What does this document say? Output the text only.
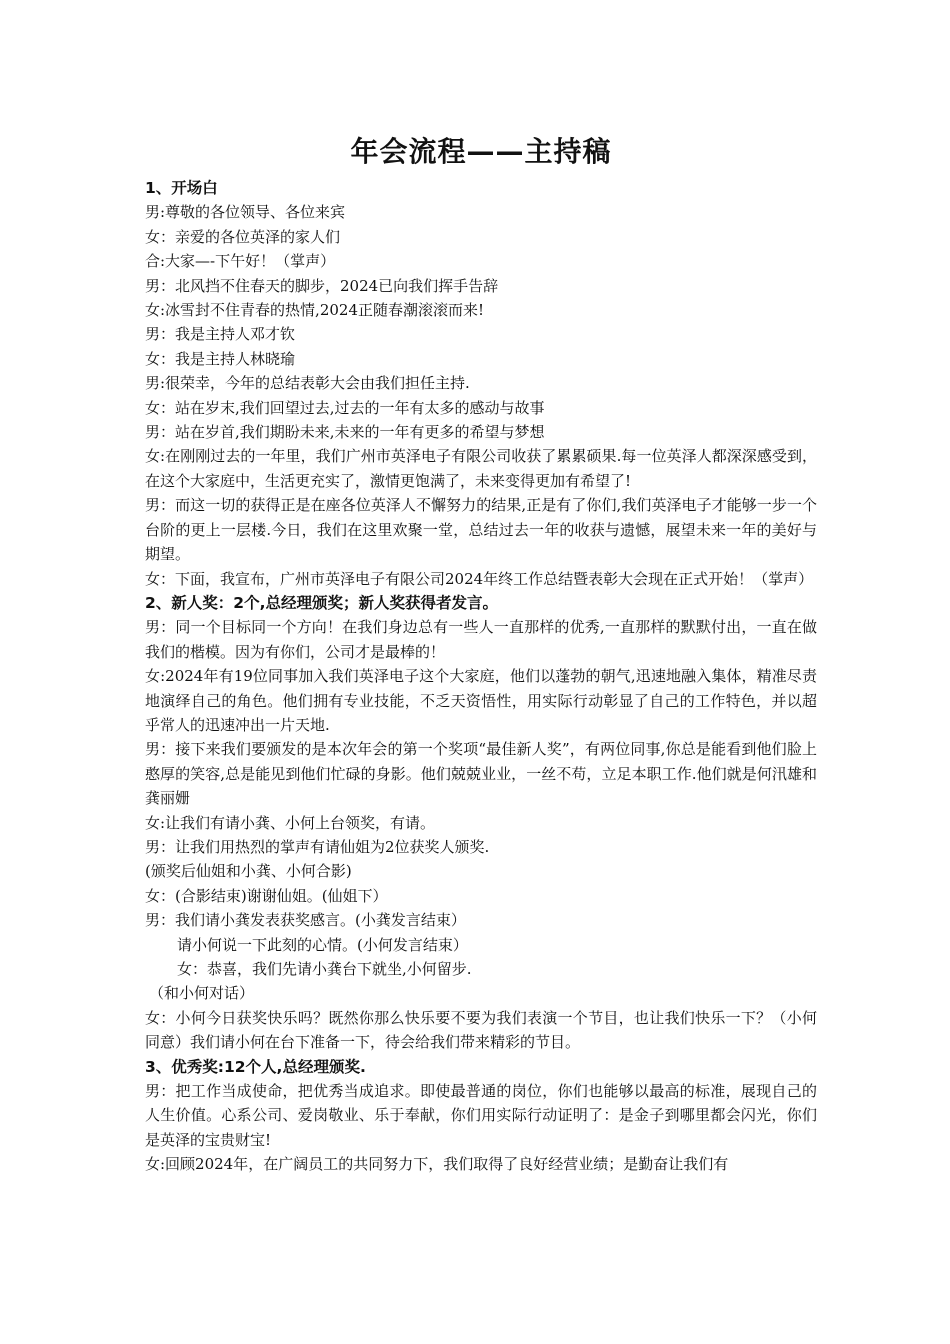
年会流程——主持稿
1、开场白

男:尊敬的各位领导、各位来宾

女：亲爱的各位英泽的家人们

合:大家—-下午好！（掌声）

男：北风挡不住春天的脚步，2024已向我们挥手告辞

女:冰雪封不住青春的热情,2024正随春潮滚滚而来!

男：我是主持人邓才钦

女：我是主持人林晓瑜

男:很荣幸，今年的总结表彰大会由我们担任主持.

女：站在岁末,我们回望过去,过去的一年有太多的感动与故事

男：站在岁首,我们期盼未来,未来的一年有更多的希望与梦想

女:在刚刚过去的一年里，我们广州市英泽电子有限公司收获了累累硕果.每一位英泽人都深深感受到，在这个大家庭中，生活更充实了，激情更饱满了，未来变得更加有希望了!

男：而这一切的获得正是在座各位英泽人不懈努力的结果,正是有了你们,我们英泽电子才能够一步一个台阶的更上一层楼.今日，我们在这里欢聚一堂，总结过去一年的收获与遗憾，展望未来一年的美好与期望。

女：下面，我宣布，广州市英泽电子有限公司2024年终工作总结暨表彰大会现在正式开始！（掌声）

2、新人奖：2个,总经理颁奖；新人奖获得者发言。

男：同一个目标同一个方向！在我们身边总有一些人一直那样的优秀,一直那样的默默付出，一直在做我们的楷模。因为有你们，公司才是最棒的！

女:2024年有19位同事加入我们英泽电子这个大家庭，他们以蓬勃的朝气,迅速地融入集体，精准尽责地演绎自己的角色。他们拥有专业技能，不乏天资悟性，用实际行动彰显了自己的工作特色，并以超乎常人的迅速冲出一片天地.

男：接下来我们要颁发的是本次年会的第一个奖项“最佳新人奖”，有两位同事,你总是能看到他们脸上憨厚的笑容,总是能见到他们忙碌的身影。他们兢兢业业，一丝不苟，立足本职工作.他们就是何汛雄和龚丽姗

女:让我们有请小龚、小何上台领奖，有请。

男：让我们用热烈的掌声有请仙姐为2位获奖人颁奖.

(颁奖后仙姐和小龚、小何合影)

女：(合影结束)谢谢仙姐。(仙姐下）

男：我们请小龚发表获奖感言。(小龚发言结束）

请小何说一下此刻的心情。(小何发言结束）

女：恭喜，我们先请小龚台下就坐,小何留步.

（和小何对话）

女：小何今日获奖快乐吗？既然你那么快乐要不要为我们表演一个节目，也让我们快乐一下？（小何同意）我们请小何在台下准备一下，待会给我们带来精彩的节目。

3、优秀奖:12个人,总经理颁奖.

男：把工作当成使命，把优秀当成追求。即使最普通的岗位，你们也能够以最高的标准，展现自己的人生价值。心系公司、爱岗敬业、乐于奉献，你们用实际行动证明了：是金子到哪里都会闪光，你们是英泽的宝贵财宝!

女:回顾2024年，在广阔员工的共同努力下，我们取得了良好经营业绩；是勤奋让我们有
